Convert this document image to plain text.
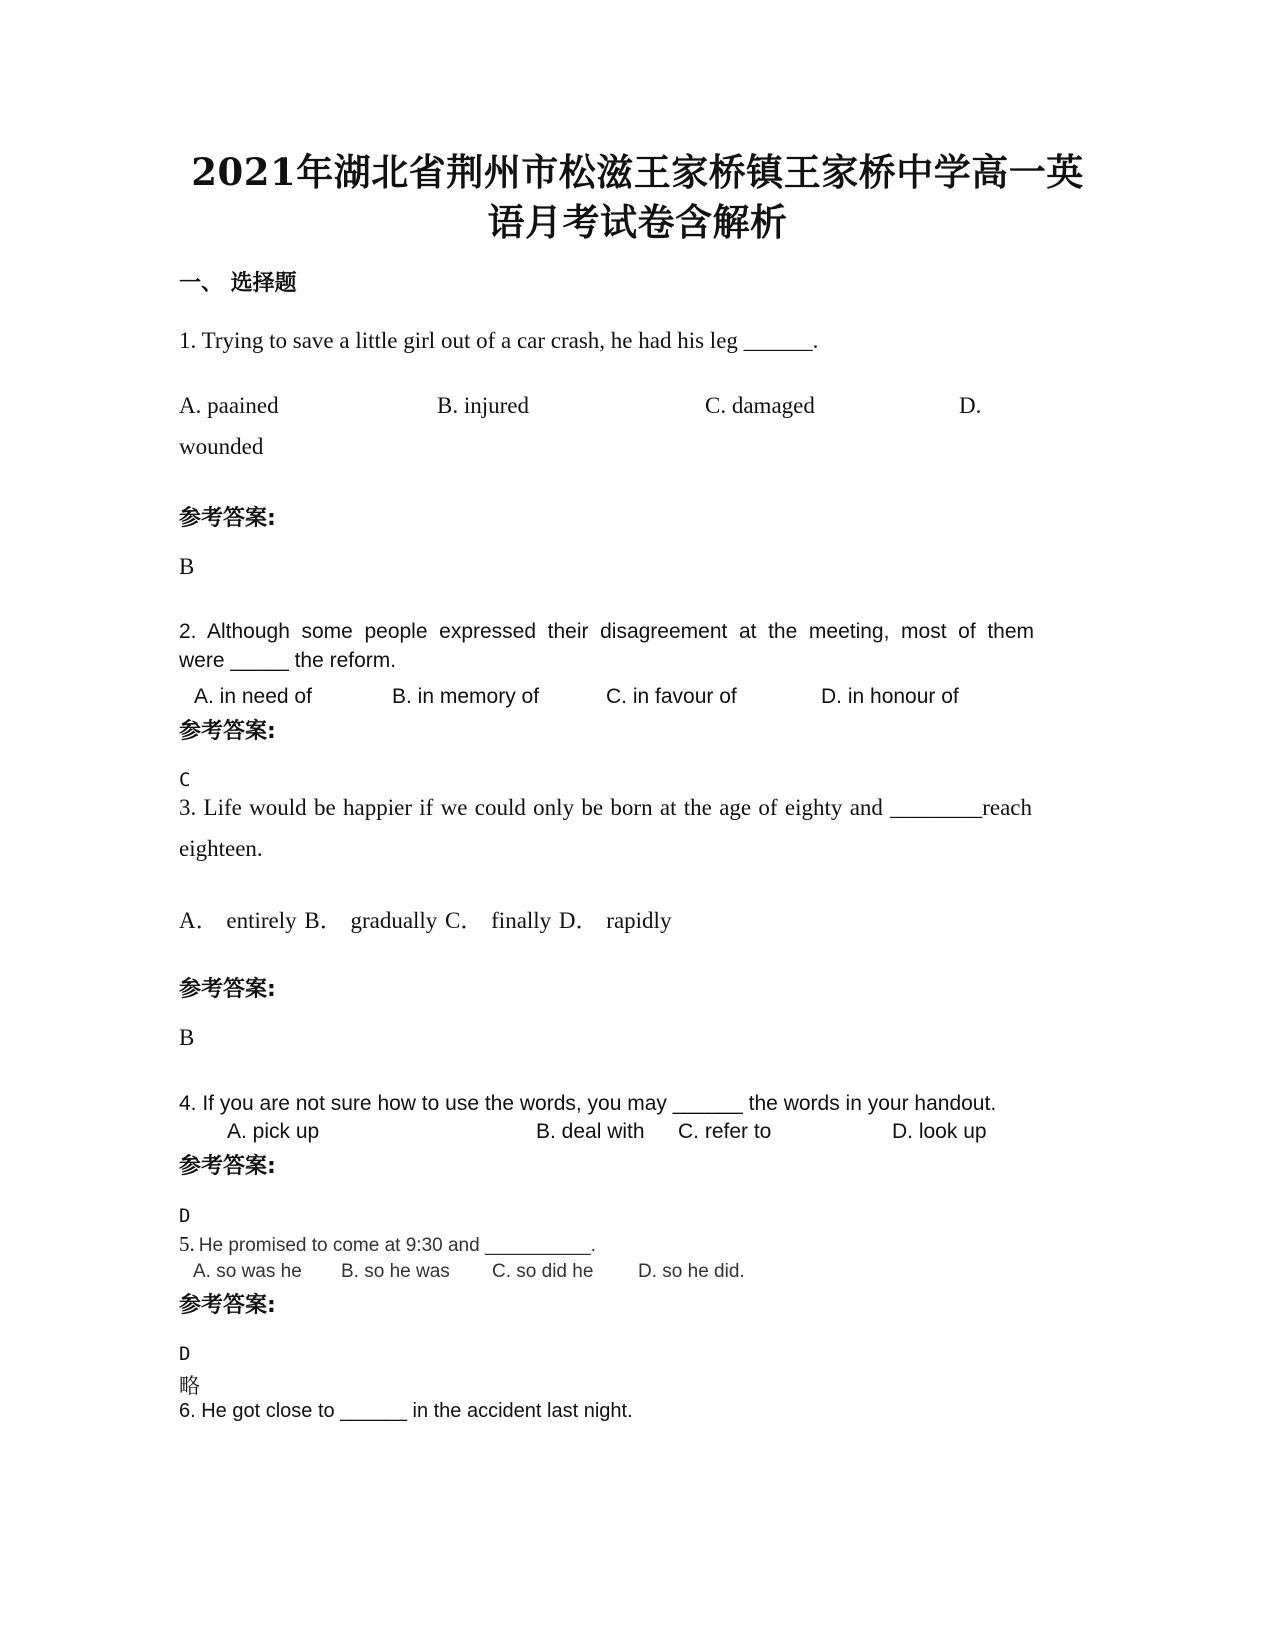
2021年湖北省荆州市松滋王家桥镇王家桥中学高一英
语月考试卷含解析
一、 选择题
1. Trying to save a little girl out of a car crash, he had his leg ______.
A. paained	B. injured	C. damaged	D.
wounded
参考答案:
B
2. Although some people expressed their disagreement at the meeting, most of them
were _____ the reform.
A. in need of	B. in memory of	C. in favour of	D. in honour of
参考答案:
C
3. Life would be happier if we could only be born at the age of eighty and ________reach
eighteen.
A． entirely B． gradually C． finally D． rapidly
参考答案:
B
4. If you are not sure how to use the words, you may ______ the words in your handout.
A. pick up	B. deal with C. refer to	D. look up
参考答案:
D
5. He promised to come at 9:30 and __________.
A. so was he B. so he was C. so did he D. so he did.
参考答案:
D
略
6. He got close to ______ in the accident last night.
